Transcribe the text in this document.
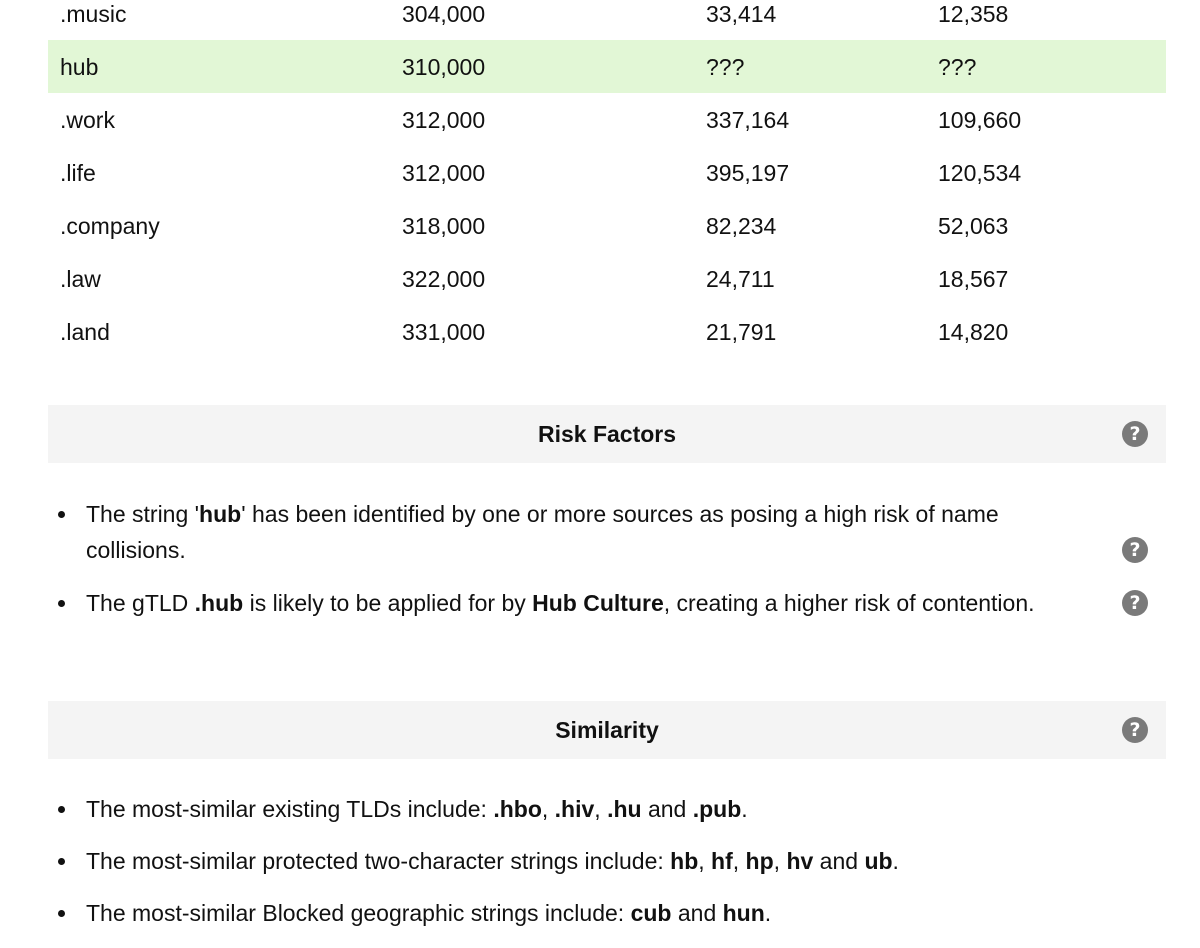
.music	304,000	33,414	12,358
hub	310,000	???	???
.work	312,000	337,164	109,660
.life	312,000	395,197	120,534
.company	318,000	82,234	52,063
.law	322,000	24,711	18,567
.land	331,000	21,791	14,820
Risk Factors	?
The string 'hub' has been identified by one or more sources as posing a high risk of name collisions.	?
The gTLD .hub is likely to be applied for by Hub Culture, creating a higher risk of contention.	?
Similarity	?
The most-similar existing TLDs include: .hbo, .hiv, .hu and .pub.
The most-similar protected two-character strings include: hb, hf, hp, hv and ub.
The most-similar Blocked geographic strings include: cub and hun.
